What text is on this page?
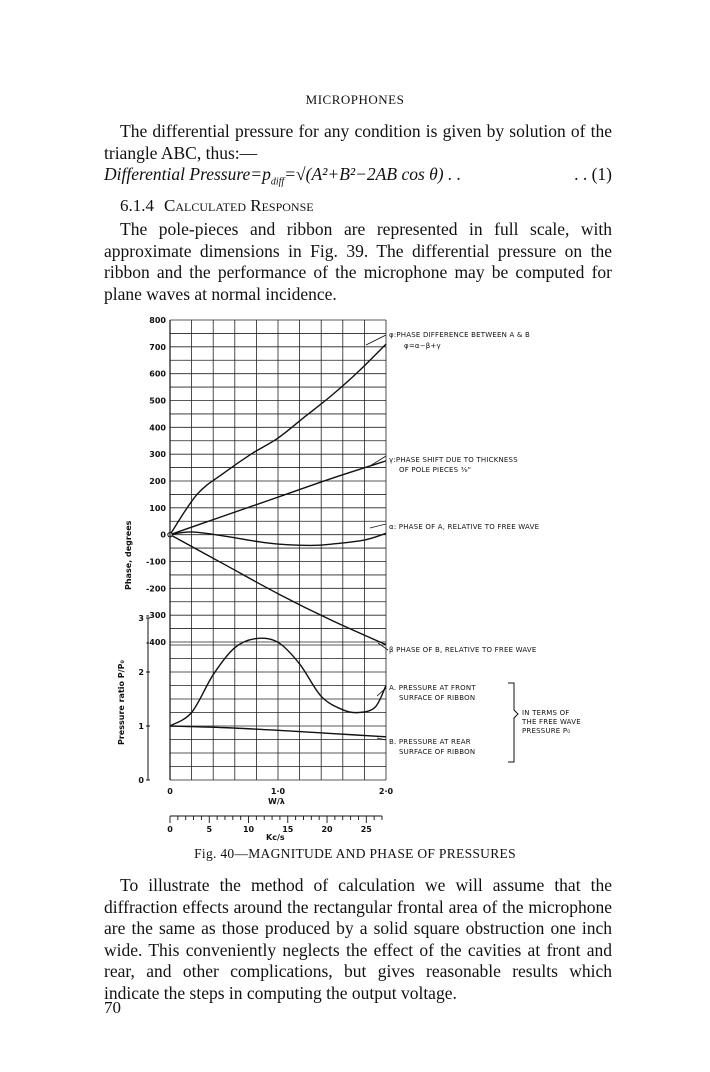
MICROPHONES
The differential pressure for any condition is given by solution of the triangle ABC, thus:—
Differential $Pressure=p_{diff}=√(A^2+B^2-2AB$ cos θ) . .	. . (1)
6.1.4 Calculated Response
The pole-pieces and ribbon are represented in full scale, with approximate dimensions in Fig. 39. The differential pressure on the ribbon and the performance of the microphone may be computed for plane waves at normal incidence.
800
700
600
500
400
300
200
100
0
-100
-200
-300
-400
3
2
1
0
0	1·0	2·0
0	5	10	15	20	25
φ:PHASE DIFFERENCE BETWEEN A & B
φ=α−β+γ
γ:PHASE SHIFT DUE TO THICKNESS
OF POLE PIECES ⅜"
α: PHASE OF A, RELATIVE TO FREE WAVE
β PHASE OF B, RELATIVE TO FREE WAVE
A. PRESSURE AT FRONT
SURFACE OF RIBBON
B. PRESSURE AT REAR
SURFACE OF RIBBON
IN TERMS OF
THE FREE WAVE
PRESSURE P₀
W/λ
Kc/s
Phase, degrees
Pressure ratio P/P₀
Fig. 40—MAGNITUDE AND PHASE OF PRESSURES
To illustrate the method of calculation we will assume that the diffraction effects around the rectangular frontal area of the microphone are the same as those produced by a solid square obstruction one inch wide. This conveniently neglects the effect of the cavities at front and rear, and other complications, but gives reasonable results which indicate the steps in computing the output voltage.
70
